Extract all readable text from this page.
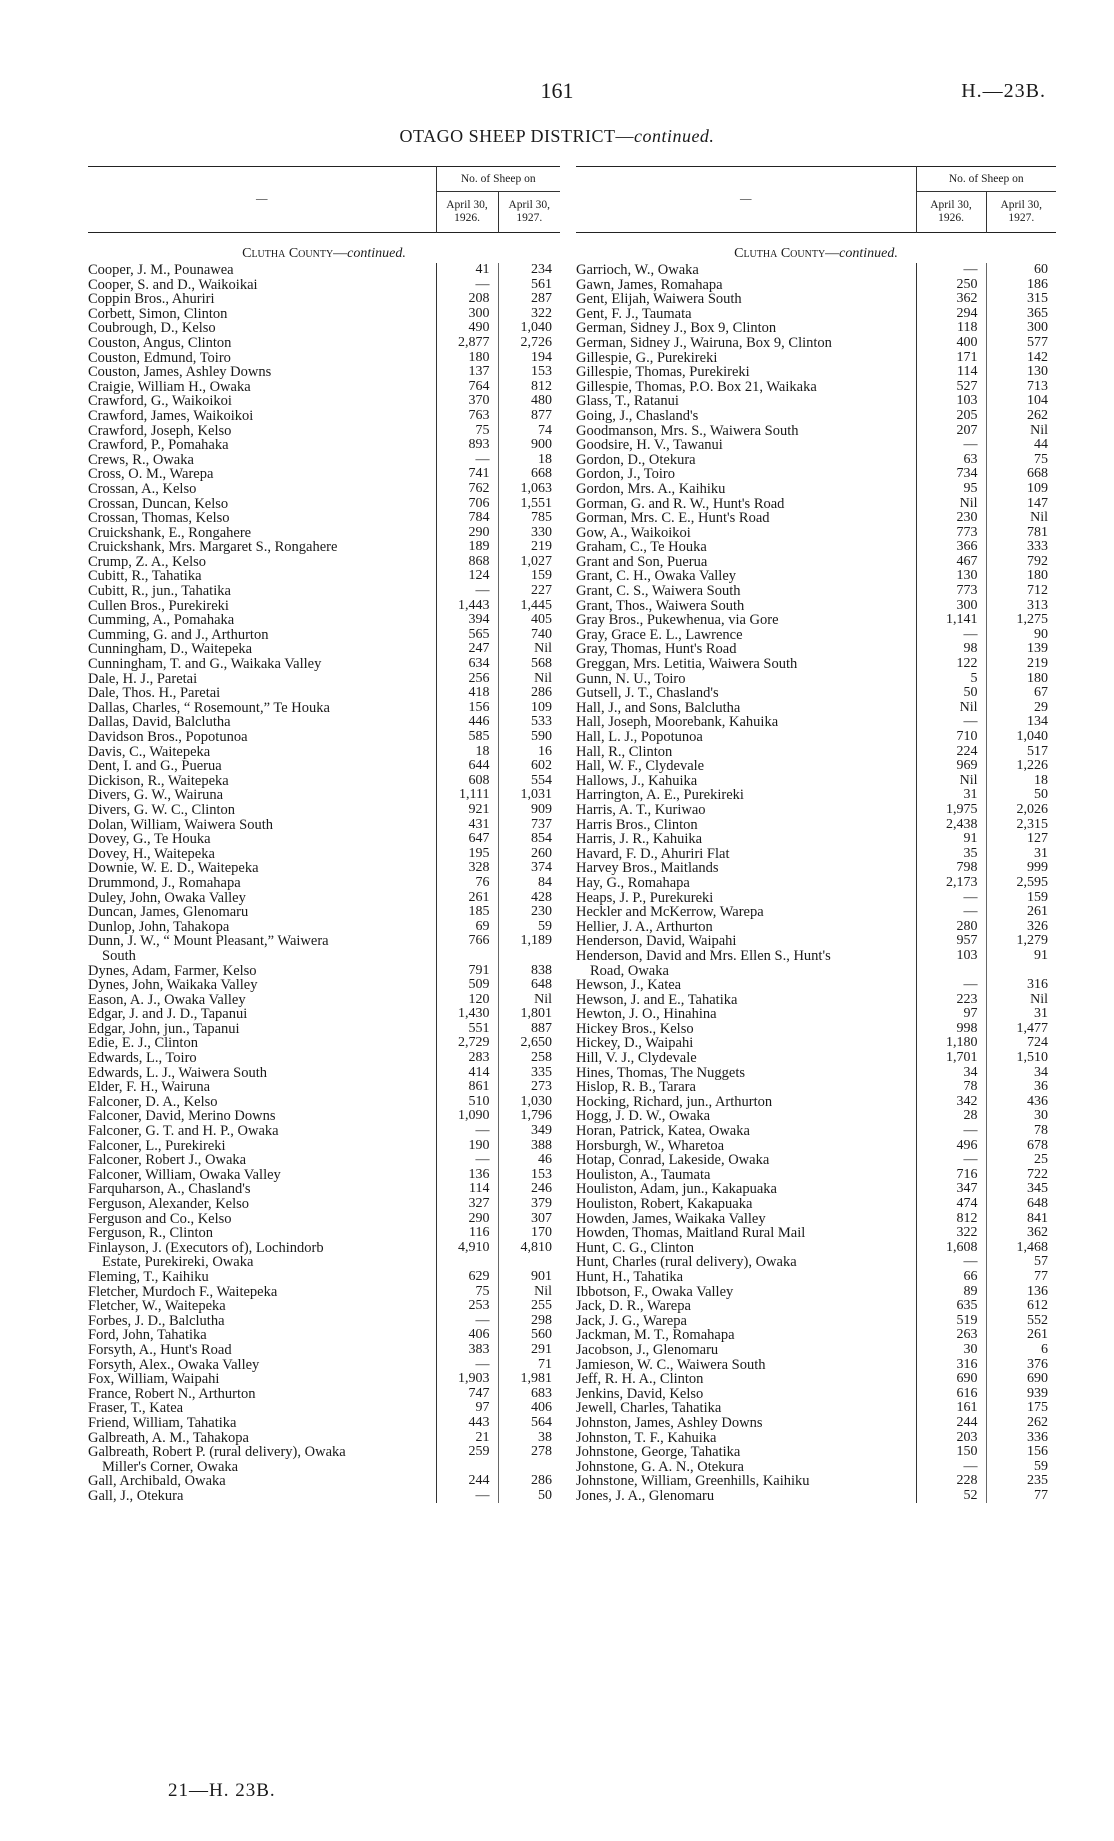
161	H.—23B.
OTAGO SHEEP DISTRICT—continued.
—	No. of Sheep on	
	April 30, 1926.	April 30, 1927.
Clutha County—continued.		
Cooper, J. M., Pounawea	41	234
Cooper, S. and D., Waikoikai	—	561
Coppin Bros., Ahuriri	208	287
Corbett, Simon, Clinton	300	322
Coubrough, D., Kelso	490	1,040
Couston, Angus, Clinton	2,877	2,726
Couston, Edmund, Toiro	180	194
Couston, James, Ashley Downs	137	153
Craigie, William H., Owaka	764	812
Crawford, G., Waikoikoi	370	480
Crawford, James, Waikoikoi	763	877
Crawford, Joseph, Kelso	75	74
Crawford, P., Pomahaka	893	900
Crews, R., Owaka	—	18
Cross, O. M., Warepa	741	668
Crossan, A., Kelso	762	1,063
Crossan, Duncan, Kelso	706	1,551
Crossan, Thomas, Kelso	784	785
Cruickshank, E., Rongahere	290	330
Cruickshank, Mrs. Margaret S., Rongahere	189	219
Crump, Z. A., Kelso	868	1,027
Cubitt, R., Tahatika	124	159
Cubitt, R., jun., Tahatika	—	227
Cullen Bros., Purekireki	1,443	1,445
Cumming, A., Pomahaka	394	405
Cumming, G. and J., Arthurton	565	740
Cunningham, D., Waitepeka	247	Nil
Cunningham, T. and G., Waikaka Valley	634	568
Dale, H. J., Paretai	256	Nil
Dale, Thos. H., Paretai	418	286
Dallas, Charles, “ Rosemount,” Te Houka	156	109
Dallas, David, Balclutha	446	533
Davidson Bros., Popotunoa	585	590
Davis, C., Waitepeka	18	16
Dent, I. and G., Puerua	644	602
Dickison, R., Waitepeka	608	554
Divers, G. W., Wairuna	1,111	1,031
Divers, G. W. C., Clinton	921	909
Dolan, William, Waiwera South	431	737
Dovey, G., Te Houka	647	854
Dovey, H., Waitepeka	195	260
Downie, W. E. D., Waitepeka	328	374
Drummond, J., Romahapa	76	84
Duley, John, Owaka Valley	261	428
Duncan, James, Glenomaru	185	230
Dunlop, John, Tahakopa	69	59
Dunn, J. W., “ Mount Pleasant,” Waiwera	766	1,189
South		
Dynes, Adam, Farmer, Kelso	791	838
Dynes, John, Waikaka Valley	509	648
Eason, A. J., Owaka Valley	120	Nil
Edgar, J. and J. D., Tapanui	1,430	1,801
Edgar, John, jun., Tapanui	551	887
Edie, E. J., Clinton	2,729	2,650
Edwards, L., Toiro	283	258
Edwards, L. J., Waiwera South	414	335
Elder, F. H., Wairuna	861	273
Falconer, D. A., Kelso	510	1,030
Falconer, David, Merino Downs	1,090	1,796
Falconer, G. T. and H. P., Owaka	—	349
Falconer, L., Purekireki	190	388
Falconer, Robert J., Owaka	—	46
Falconer, William, Owaka Valley	136	153
Farquharson, A., Chasland's	114	246
Ferguson, Alexander, Kelso	327	379
Ferguson and Co., Kelso	290	307
Ferguson, R., Clinton	116	170
Finlayson, J. (Executors of), Lochindorb	4,910	4,810
Estate, Purekireki, Owaka		
Fleming, T., Kaihiku	629	901
Fletcher, Murdoch F., Waitepeka	75	Nil
Fletcher, W., Waitepeka	253	255
Forbes, J. D., Balclutha	—	298
Ford, John, Tahatika	406	560
Forsyth, A., Hunt's Road	383	291
Forsyth, Alex., Owaka Valley	—	71
Fox, William, Waipahi	1,903	1,981
France, Robert N., Arthurton	747	683
Fraser, T., Katea	97	406
Friend, William, Tahatika	443	564
Galbreath, A. M., Tahakopa	21	38
Galbreath, Robert P. (rural delivery), Owaka	259	278
Miller's Corner, Owaka		
Gall, Archibald, Owaka	244	286
Gall, J., Otekura	—	50
—	No. of Sheep on	
	April 30, 1926.	April 30, 1927.
Clutha County—continued.		
Garrioch, W., Owaka	—	60
Gawn, James, Romahapa	250	186
Gent, Elijah, Waiwera South	362	315
Gent, F. J., Taumata	294	365
German, Sidney J., Box 9, Clinton	118	300
German, Sidney J., Wairuna, Box 9, Clinton	400	577
Gillespie, G., Purekireki	171	142
Gillespie, Thomas, Purekireki	114	130
Gillespie, Thomas, P.O. Box 21, Waikaka	527	713
Glass, T., Ratanui	103	104
Going, J., Chasland's	205	262
Goodmanson, Mrs. S., Waiwera South	207	Nil
Goodsire, H. V., Tawanui	—	44
Gordon, D., Otekura	63	75
Gordon, J., Toiro	734	668
Gordon, Mrs. A., Kaihiku	95	109
Gorman, G. and R. W., Hunt's Road	Nil	147
Gorman, Mrs. C. E., Hunt's Road	230	Nil
Gow, A., Waikoikoi	773	781
Graham, C., Te Houka	366	333
Grant and Son, Puerua	467	792
Grant, C. H., Owaka Valley	130	180
Grant, C. S., Waiwera South	773	712
Grant, Thos., Waiwera South	300	313
Gray Bros., Pukewhenua, via Gore	1,141	1,275
Gray, Grace E. L., Lawrence	—	90
Gray, Thomas, Hunt's Road	98	139
Greggan, Mrs. Letitia, Waiwera South	122	219
Gunn, N. U., Toiro	5	180
Gutsell, J. T., Chasland's	50	67
Hall, J., and Sons, Balclutha	Nil	29
Hall, Joseph, Moorebank, Kahuika	—	134
Hall, L. J., Popotunoa	710	1,040
Hall, R., Clinton	224	517
Hall, W. F., Clydevale	969	1,226
Hallows, J., Kahuika	Nil	18
Harrington, A. E., Purekireki	31	50
Harris, A. T., Kuriwao	1,975	2,026
Harris Bros., Clinton	2,438	2,315
Harris, J. R., Kahuika	91	127
Havard, F. D., Ahuriri Flat	35	31
Harvey Bros., Maitlands	798	999
Hay, G., Romahapa	2,173	2,595
Heaps, J. P., Purekureki	—	159
Heckler and McKerrow, Warepa	—	261
Hellier, J. A., Arthurton	280	326
Henderson, David, Waipahi	957	1,279
Henderson, David and Mrs. Ellen S., Hunt's	103	91
Road, Owaka		
Hewson, J., Katea	—	316
Hewson, J. and E., Tahatika	223	Nil
Hewton, J. O., Hinahina	97	31
Hickey Bros., Kelso	998	1,477
Hickey, D., Waipahi	1,180	724
Hill, V. J., Clydevale	1,701	1,510
Hines, Thomas, The Nuggets	34	34
Hislop, R. B., Tarara	78	36
Hocking, Richard, jun., Arthurton	342	436
Hogg, J. D. W., Owaka	28	30
Horan, Patrick, Katea, Owaka	—	78
Horsburgh, W., Wharetoa	496	678
Hotap, Conrad, Lakeside, Owaka	—	25
Houliston, A., Taumata	716	722
Houliston, Adam, jun., Kakapuaka	347	345
Houliston, Robert, Kakapuaka	474	648
Howden, James, Waikaka Valley	812	841
Howden, Thomas, Maitland Rural Mail	322	362
Hunt, C. G., Clinton	1,608	1,468
Hunt, Charles (rural delivery), Owaka	—	57
Hunt, H., Tahatika	66	77
Ibbotson, F., Owaka Valley	89	136
Jack, D. R., Warepa	635	612
Jack, J. G., Warepa	519	552
Jackman, M. T., Romahapa	263	261
Jacobson, J., Glenomaru	30	6
Jamieson, W. C., Waiwera South	316	376
Jeff, R. H. A., Clinton	690	690
Jenkins, David, Kelso	616	939
Jewell, Charles, Tahatika	161	175
Johnston, James, Ashley Downs	244	262
Johnston, T. F., Kahuika	203	336
Johnstone, George, Tahatika	150	156
Johnstone, G. A. N., Otekura	—	59
Johnstone, William, Greenhills, Kaihiku	228	235
Jones, J. A., Glenomaru	52	77
21—H. 23B.
